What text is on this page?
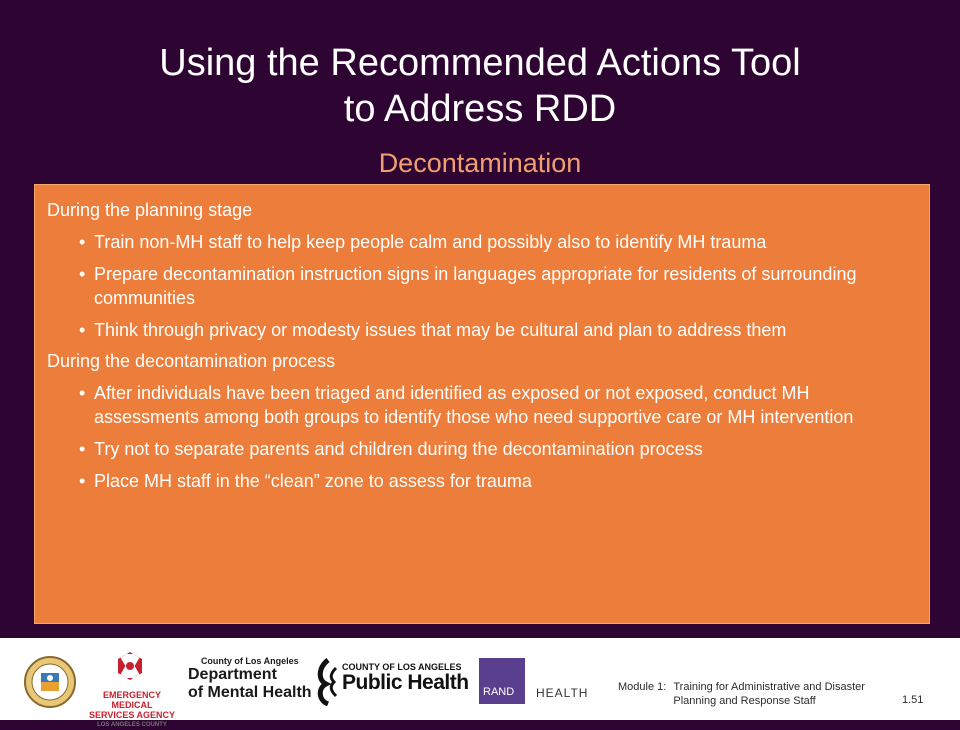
Using the Recommended Actions Tool
to Address RDD
Decontamination

During the planning stage

• Train non-MH staff to help keep people calm and possibly also to identify MH trauma
• Prepare decontamination instruction signs in languages appropriate for residents of surrounding communities
• Think through privacy or modesty issues that may be cultural and plan to address them

During the decontamination process

• After individuals have been triaged and identified as exposed or not exposed, conduct MH assessments among both groups to identify those who need supportive care or MH intervention
• Try not to separate parents and children during the decontamination process
• Place MH staff in the “clean” zone to assess for trauma
EMERGENCY MEDICAL
SERVICES AGENCY
LOS ANGELES COUNTY
County of Los Angeles
Department
of Mental Health
COUNTY OF LOS ANGELES
Public Health RAND HEALTH	Module 1: Training for Administrative and Disaster
Planning and Response Staff	1.51
